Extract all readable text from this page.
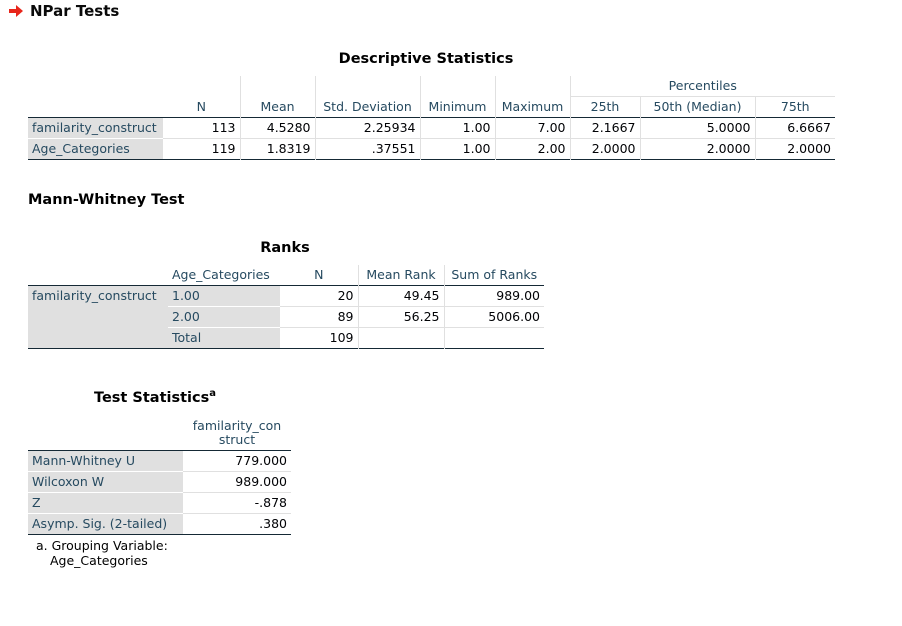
NPar Tests
Descriptive Statistics
						Percentiles		
	N	Mean	Std. Deviation	Minimum	Maximum	25th	50th (Median)	75th
familarity_construct	113	4.5280	2.25934	1.00	7.00	2.1667	5.0000	6.6667
Age_Categories	119	1.8319	.37551	1.00	2.00	2.0000	2.0000	2.0000
Mann-Whitney Test
Ranks
	Age_Categories	N	Mean Rank	Sum of Ranks
familarity_construct	1.00	20	49.45	989.00
	2.00	89	56.25	5006.00
	Total	109		
Test Statistics$^a$

	familarity_con
struct

Mann-Whitney U	779.000
Wilcoxon W	989.000
Z	-.878
Asymp. Sig. (2-tailed)	.380
a. Grouping Variable:
Age_Categories
